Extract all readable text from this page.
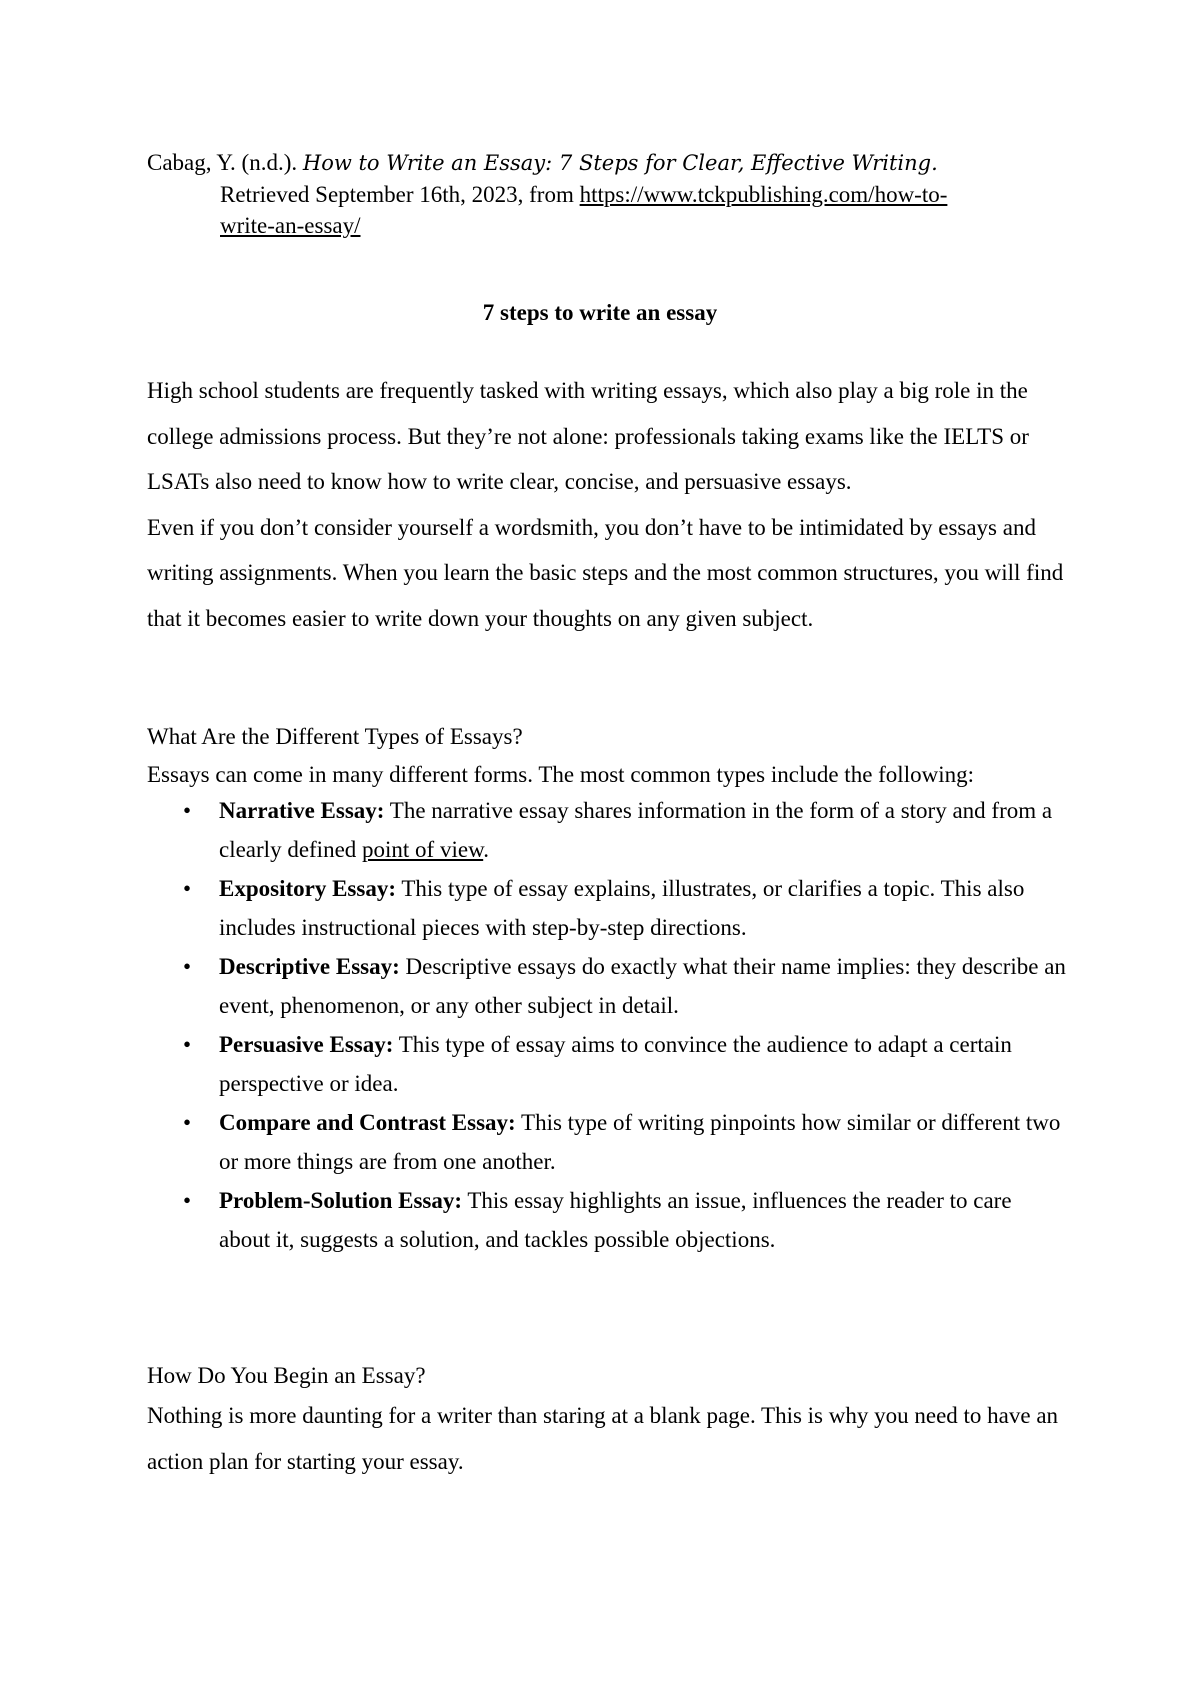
Cabag, Y. (n.d.). How to Write an Essay: 7 Steps for Clear, Effective Writing.
Retrieved September 16th, 2023, from https://www.tckpublishing.com/how-to-
write-an-essay/
7 steps to write an essay

High school students are frequently tasked with writing essays, which also play a big role in the college admissions process. But they’re not alone: professionals taking exams like the IELTS or LSATs also need to know how to write clear, concise, and persuasive essays.

Even if you don’t consider yourself a wordsmith, you don’t have to be intimidated by essays and writing assignments. When you learn the basic steps and the most common structures, you will find that it becomes easier to write down your thoughts on any given subject.

What Are the Different Types of Essays?

Essays can come in many different forms. The most common types include the following:

• Narrative Essay: The narrative essay shares information in the form of a story and from a clearly defined point of view.
• Expository Essay: This type of essay explains, illustrates, or clarifies a topic. This also includes instructional pieces with step-by-step directions.
• Descriptive Essay: Descriptive essays do exactly what their name implies: they describe an event, phenomenon, or any other subject in detail.
• Persuasive Essay: This type of essay aims to convince the audience to adapt a certain perspective or idea.
• Compare and Contrast Essay: This type of writing pinpoints how similar or different two or more things are from one another.
• Problem-Solution Essay: This essay highlights an issue, influences the reader to care about it, suggests a solution, and tackles possible objections.

How Do You Begin an Essay?

Nothing is more daunting for a writer than staring at a blank page. This is why you need to have an action plan for starting your essay.
